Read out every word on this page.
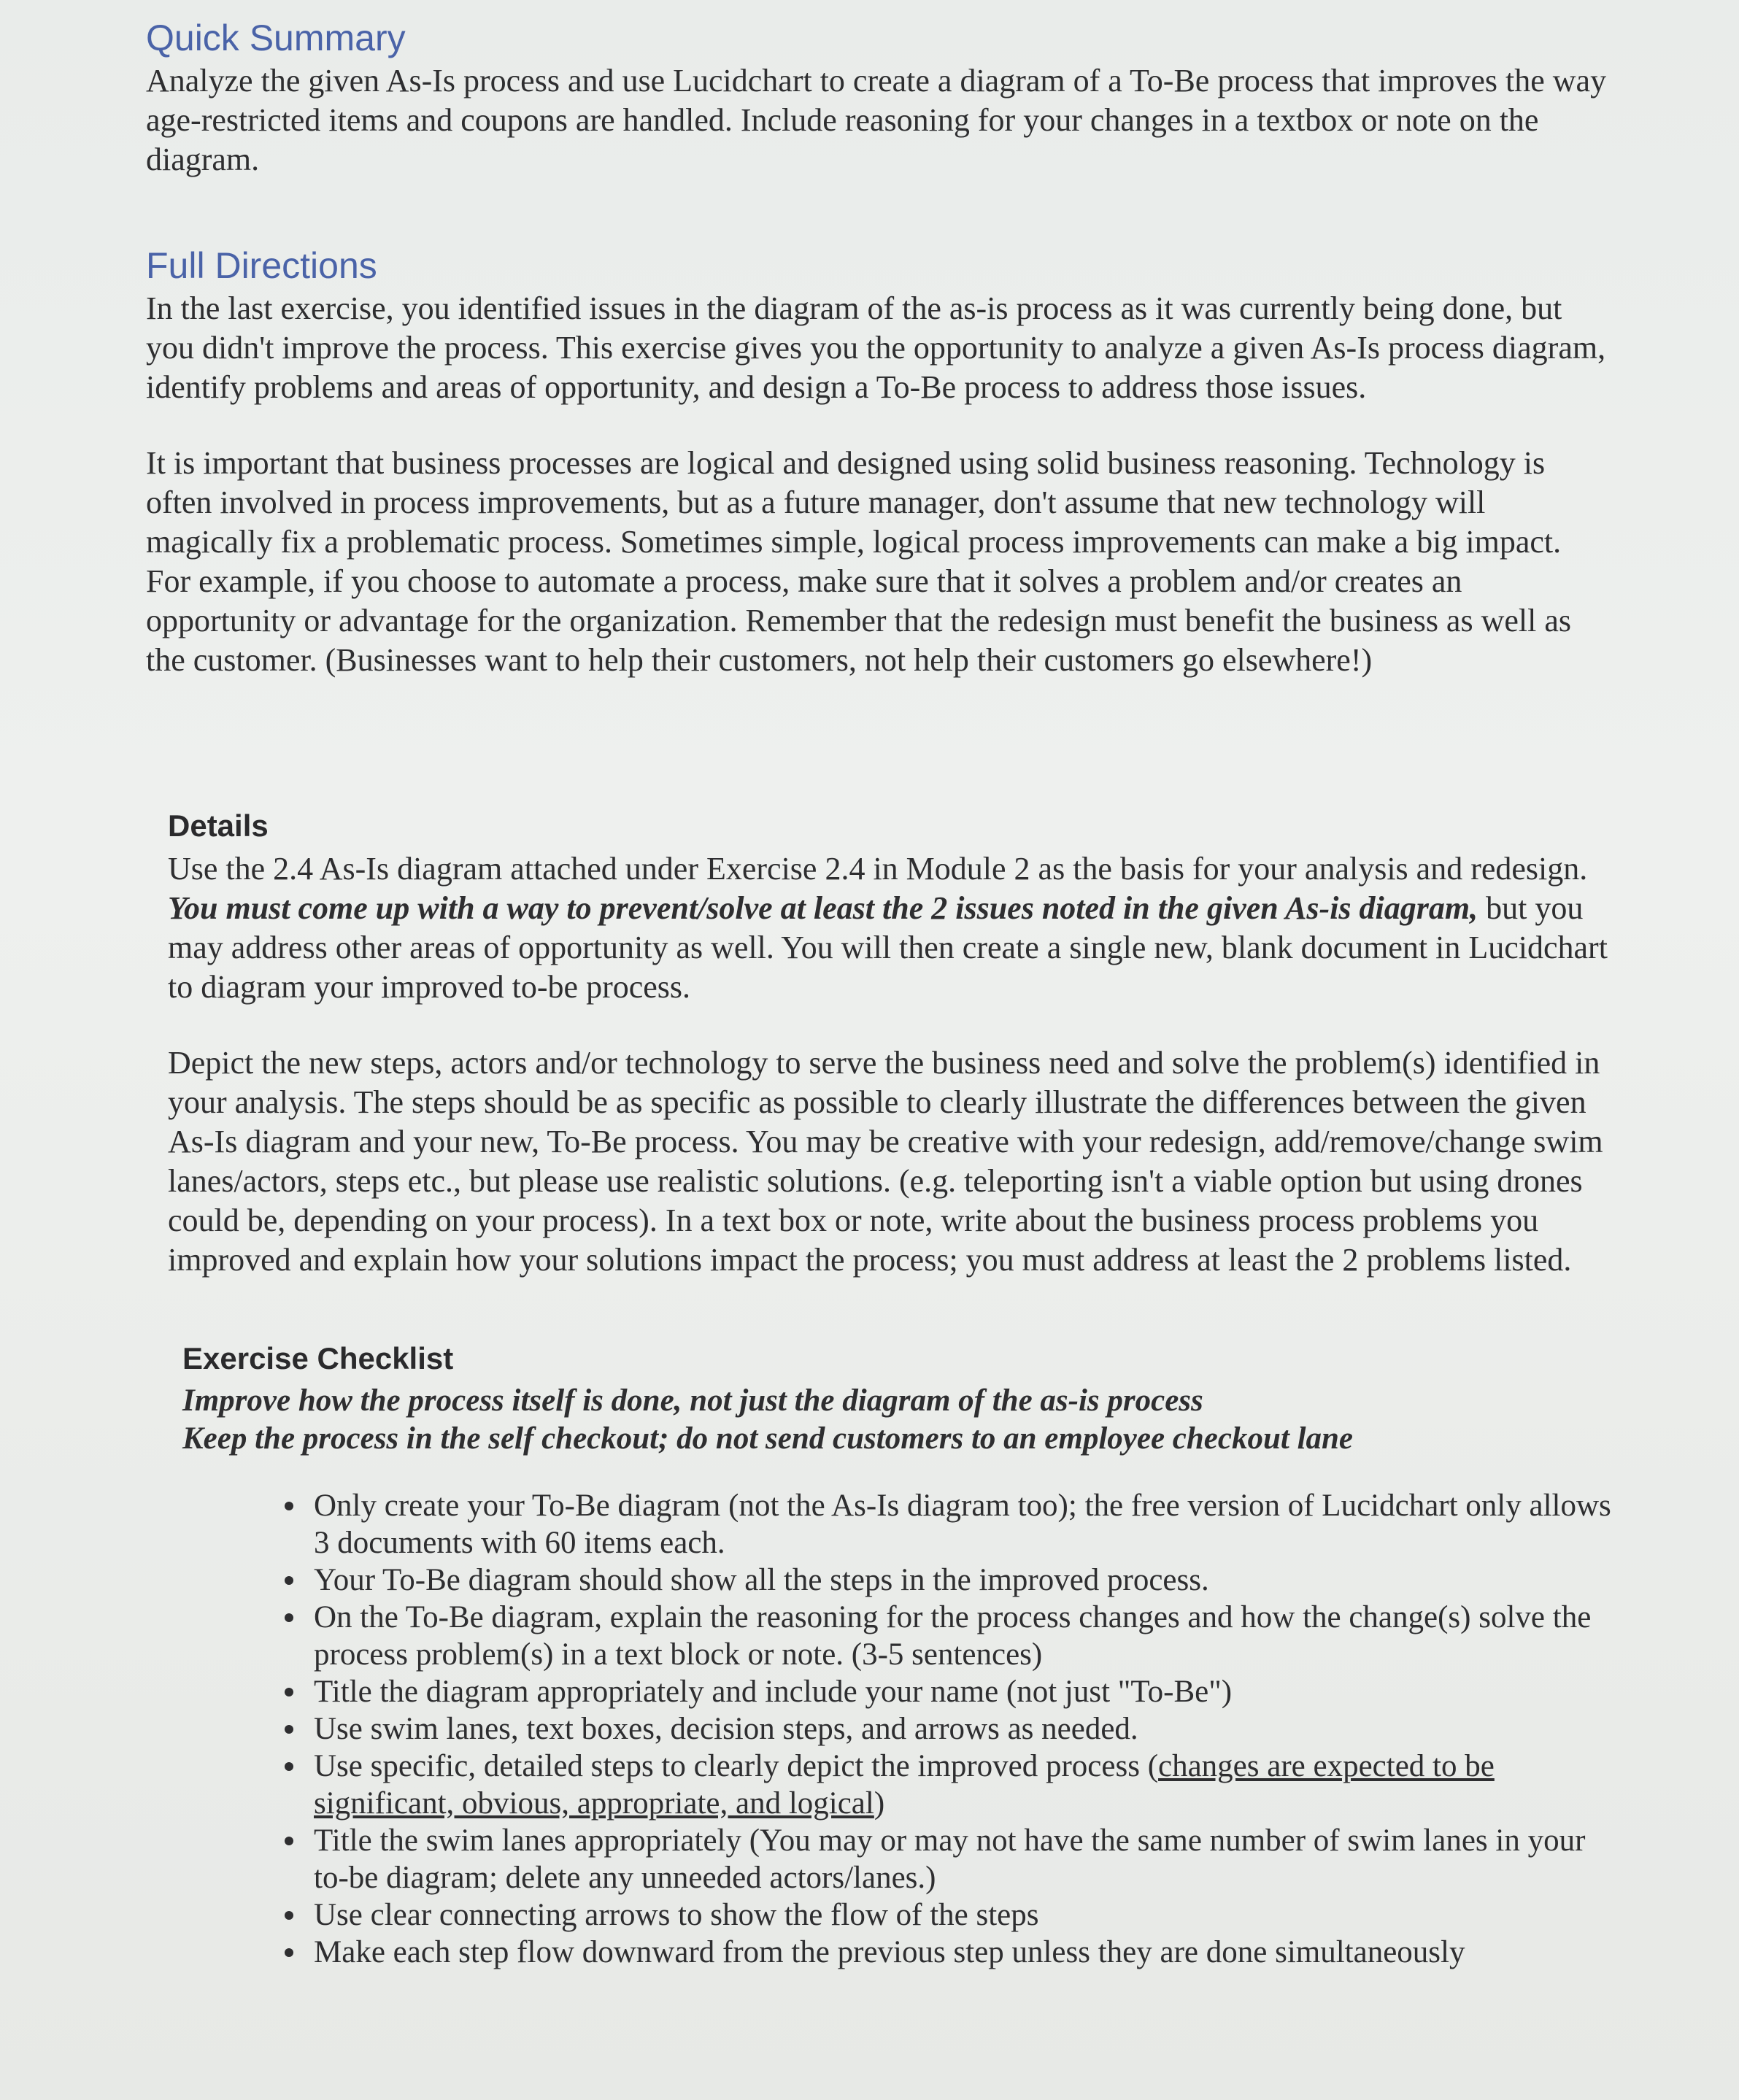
Quick Summary

Analyze the given As-Is process and use Lucidchart to create a diagram of a To-Be process that improves the way age-restricted items and coupons are handled. Include reasoning for your changes in a textbox or note on the diagram.

Full Directions

In the last exercise, you identified issues in the diagram of the as-is process as it was currently being done, but you didn't improve the process. This exercise gives you the opportunity to analyze a given As-Is process diagram, identify problems and areas of opportunity, and design a To-Be process to address those issues.

It is important that business processes are logical and designed using solid business reasoning. Technology is often involved in process improvements, but as a future manager, don't assume that new technology will magically fix a problematic process. Sometimes simple, logical process improvements can make a big impact. For example, if you choose to automate a process, make sure that it solves a problem and/or creates an opportunity or advantage for the organization. Remember that the redesign must benefit the business as well as the customer. (Businesses want to help their customers, not help their customers go elsewhere!)

Details

Use the 2.4 As-Is diagram attached under Exercise 2.4 in Module 2 as the basis for your analysis and redesign. You must come up with a way to prevent/solve at least the 2 issues noted in the given As-is diagram, but you may address other areas of opportunity as well. You will then create a single new, blank document in Lucidchart to diagram your improved to-be process.

Depict the new steps, actors and/or technology to serve the business need and solve the problem(s) identified in your analysis. The steps should be as specific as possible to clearly illustrate the differences between the given As-Is diagram and your new, To-Be process. You may be creative with your redesign, add/remove/change swim lanes/actors, steps etc., but please use realistic solutions. (e.g. teleporting isn't a viable option but using drones could be, depending on your process). In a text box or note, write about the business process problems you improved and explain how your solutions impact the process; you must address at least the 2 problems listed.

Exercise Checklist

Improve how the process itself is done, not just the diagram of the as-is process

Keep the process in the self checkout; do not send customers to an employee checkout lane

Only create your To-Be diagram (not the As-Is diagram too); the free version of Lucidchart only allows 3 documents with 60 items each.
Your To-Be diagram should show all the steps in the improved process.
On the To-Be diagram, explain the reasoning for the process changes and how the change(s) solve the process problem(s) in a text block or note. (3-5 sentences)
Title the diagram appropriately and include your name (not just "To-Be")
Use swim lanes, text boxes, decision steps, and arrows as needed.
Use specific, detailed steps to clearly depict the improved process (changes are expected to be significant, obvious, appropriate, and logical)
Title the swim lanes appropriately (You may or may not have the same number of swim lanes in your to-be diagram; delete any unneeded actors/lanes.)
Use clear connecting arrows to show the flow of the steps
Make each step flow downward from the previous step unless they are done simultaneously
